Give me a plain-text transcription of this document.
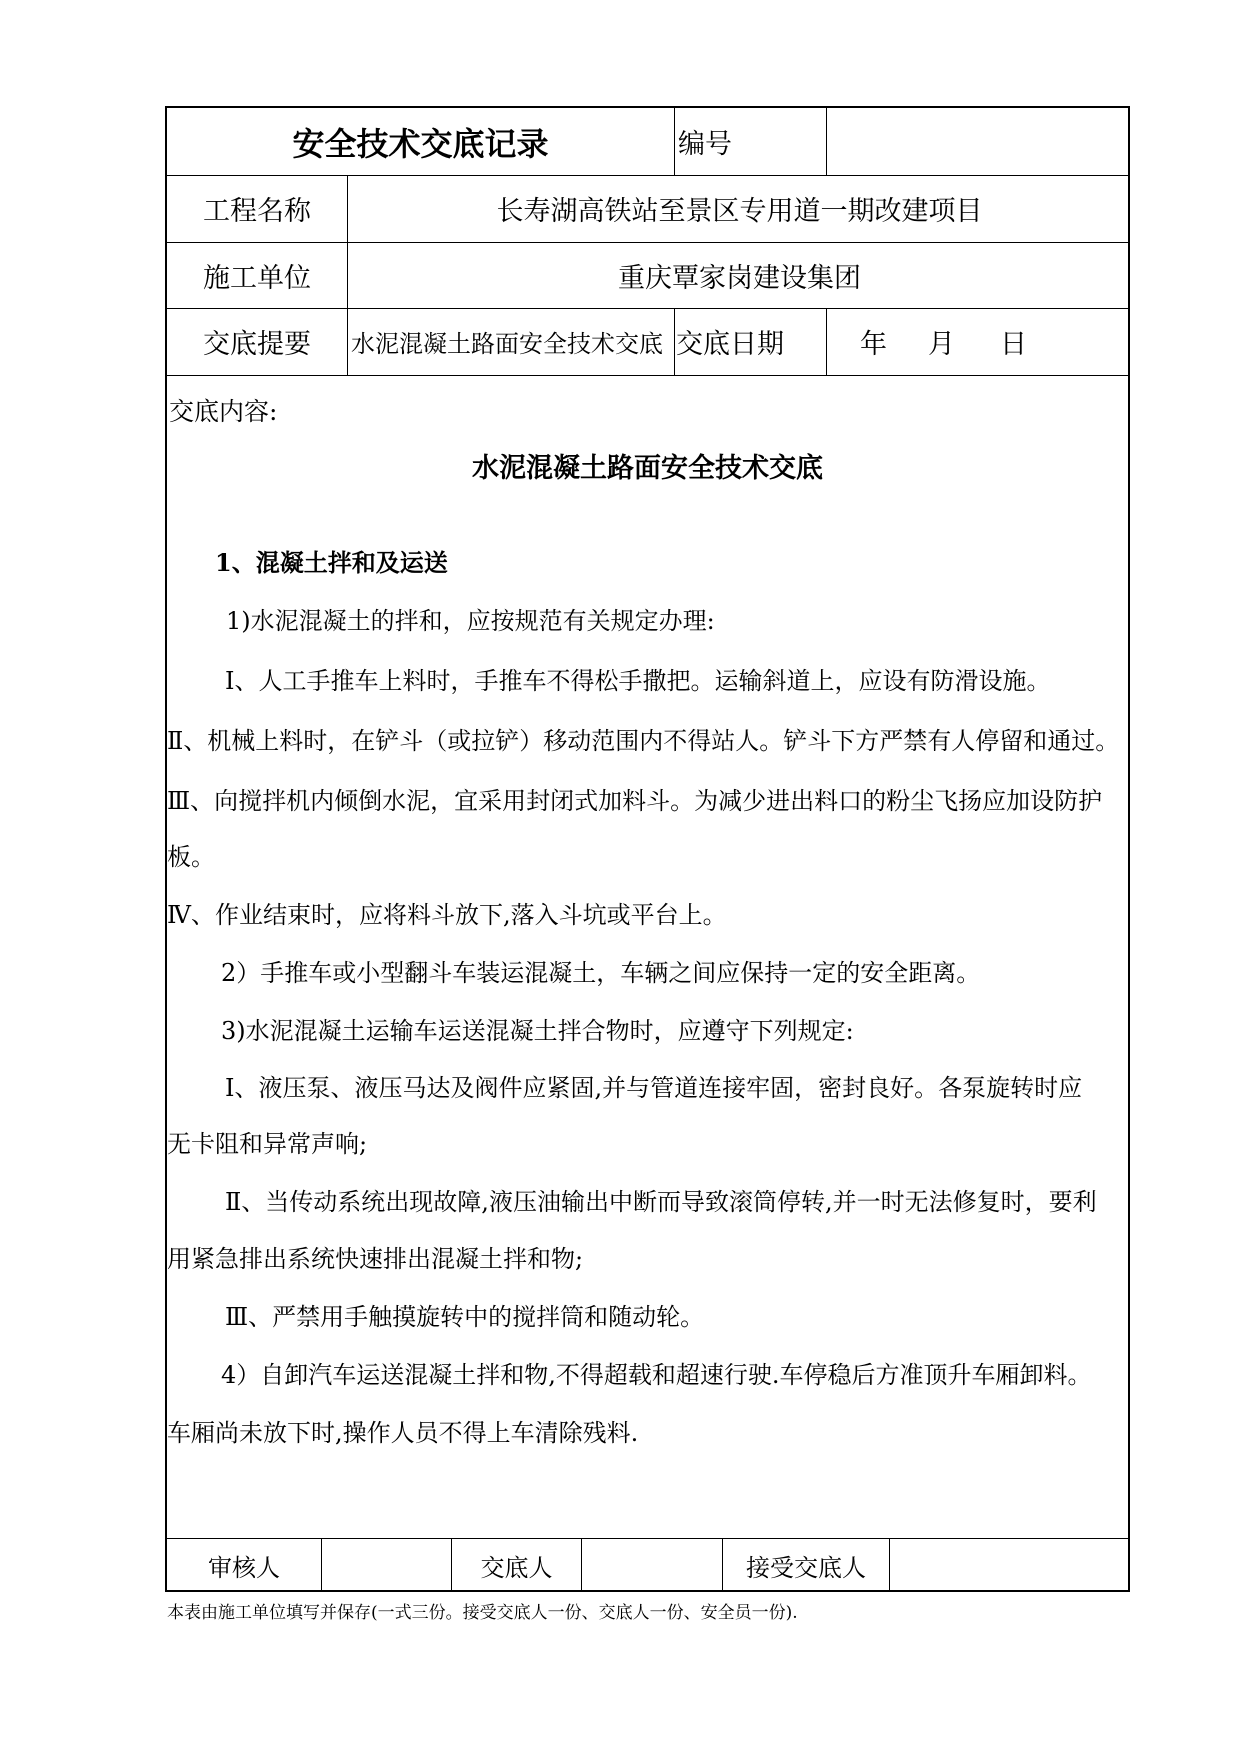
安全技术交底记录	编号
工程名称	长寿湖高铁站至景区专用道一期改建项目
施工单位	重庆覃家岗建设集团
交底提要	水泥混凝土路面安全技术交底 交底日期	年	月	日
交底内容:
水泥混凝土路面安全技术交底
1、混凝土拌和及运送
1)水泥混凝土的拌和，应按规范有关规定办理:
Ⅰ、人工手推车上料时，手推车不得松手撒把。运输斜道上，应设有防滑设施。
Ⅱ、机械上料时，在铲斗（或拉铲）移动范围内不得站人。铲斗下方严禁有人停留和通过。
Ⅲ、向搅拌机内倾倒水泥，宜采用封闭式加料斗。为减少进出料口的粉尘飞扬应加设防护
板。
Ⅳ、作业结束时，应将料斗放下,落入斗坑或平台上。
2）手推车或小型翻斗车装运混凝土，车辆之间应保持一定的安全距离。
3)水泥混凝土运输车运送混凝土拌合物时，应遵守下列规定:
Ⅰ、液压泵、液压马达及阀件应紧固,并与管道连接牢固，密封良好。各泵旋转时应
无卡阻和异常声响;
Ⅱ、当传动系统出现故障,液压油输出中断而导致滚筒停转,并一时无法修复时，要利
用紧急排出系统快速排出混凝土拌和物;
Ⅲ、严禁用手触摸旋转中的搅拌筒和随动轮。
4）自卸汽车运送混凝土拌和物,不得超载和超速行驶.车停稳后方准顶升车厢卸料。
车厢尚未放下时,操作人员不得上车清除残料.
审核人	交底人	接受交底人
本表由施工单位填写并保存(一式三份。接受交底人一份、交底人一份、安全员一份).
